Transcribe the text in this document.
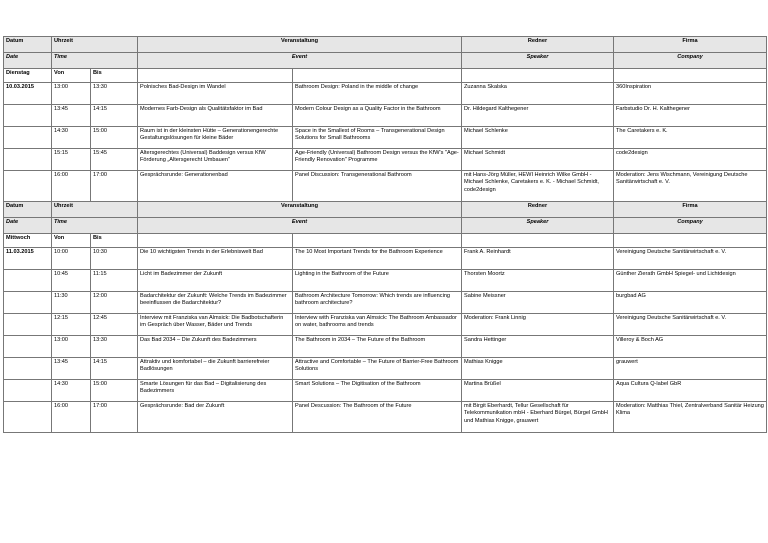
Datum	Uhrzeit		Veranstaltung		Redner	Firma
Date	Time		Event		Speaker	Company
Dienstag	Von	Bis				
10.03.2015	13:00	13:30	Polnisches Bad-Design im Wandel	Bathroom Design: Poland in the middle of change	Zuzanna Skalska	360Inspiration
	13:45	14:15	Modernes Farb-Design als Qualitätsfaktor im Bad	Modern Colour Design as a Quality Factor in the Bathroom	Dr. Hildegard Kalthegener	Farbstudio Dr. H. Kalthegener
	14:30	15:00	Raum ist in der kleinsten Hütte – Generationengerechte Gestaltungslösungen für kleine Bäder	Space in the Smallest of Rooms – Transgenerational Design Solutions for Small Bathrooms	Michael Schlenke	The Caretakers e. K.
	15:15	15:45	Altersgerechtes (Universal) Baddesign versus KfW Förderung „Altersgerecht Umbauen“	Age-Friendly (Universal) Bathroom Design versus the KfW's "Age-Friendly Renovation" Programme	Michael Schmidt	code2design
	16:00	17:00	Gesprächsrunde: Generationenbad	Panel Discussion: Transgenerational Bathroom	mit Hans-Jörg Müller, HEWI Heinrich Wilke GmbH - Michael Schlenke, Caretakers e. K. - Michael Schmidt, code2design	Moderation: Jens Wischmann, Vereinigung Deutsche Sanitärwirtschaft e. V.
Datum	Uhrzeit		Veranstaltung		Redner	Firma
Date	Time		Event		Speaker	Company
Mittwoch	Von	Bis				
11.03.2015	10:00	10:30	Die 10 wichtigsten Trends in der Erlebniswelt Bad	The 10 Most Important Trends for the Bathroom Experience	Frank A. Reinhardt	Vereinigung Deutsche Sanitärwirtschaft e. V.
	10:45	11:15	Licht im Badezimmer der Zukunft	Lighting in the Bathroom of the Future	Thorsten Moortz	Günther Zierath GmbH Spiegel- und Lichtdesign
	11:30	12:00	Badarchitektur der Zukunft: Welche Trends im Badezimmer beeinflussen die Badarchitektur?	Bathroom Architecture Tomorrow: Which trends are influencing bathroom architecture?	Sabine Meissner	burgbad AG
	12:15	12:45	Interview mit Franziska van Almsick: Die Badbotschafterin im Gespräch über Wasser, Bäder und Trends	Interview with Franziska van Almsick: The Bathroom Ambassador on water, bathrooms and trends	Moderation: Frank Linnig	Vereinigung Deutsche Sanitärwirtschaft e. V.
	13:00	13:30	Das Bad 2034 – Die Zukunft des Badezimmers	The Bathroom in 2034 – The Future of the Bathroom	Sandra Hettinger	Villeroy & Boch AG
	13:45	14:15	Attraktiv und komfortabel – die Zukunft barrierefreier Badlösungen	Attractive and Comfortable – The Future of Barrier-Free Bathroom Solutions	Mathias Knigge	grauwert
	14:30	15:00	Smarte Lösungen für das Bad – Digitalisierung des Badezimmers	Smart Solutions – The Digitisation of the Bathroom	Martina Brüßel	Aqua Cultura Q-label GbR
	16:00	17:00	Gesprächsrunde: Bad der Zukunft	Panel Descussion: The Bathroom of the Future	mit Birgit Eberhardt, Tellur Gesellschaft für Telekommunikation mbH - Eberhard Bürgel, Bürgel GmbH und Mathias Knigge, grauwert	Moderation: Matthias Thiel, Zentralverband Sanitär Heizung Klima
